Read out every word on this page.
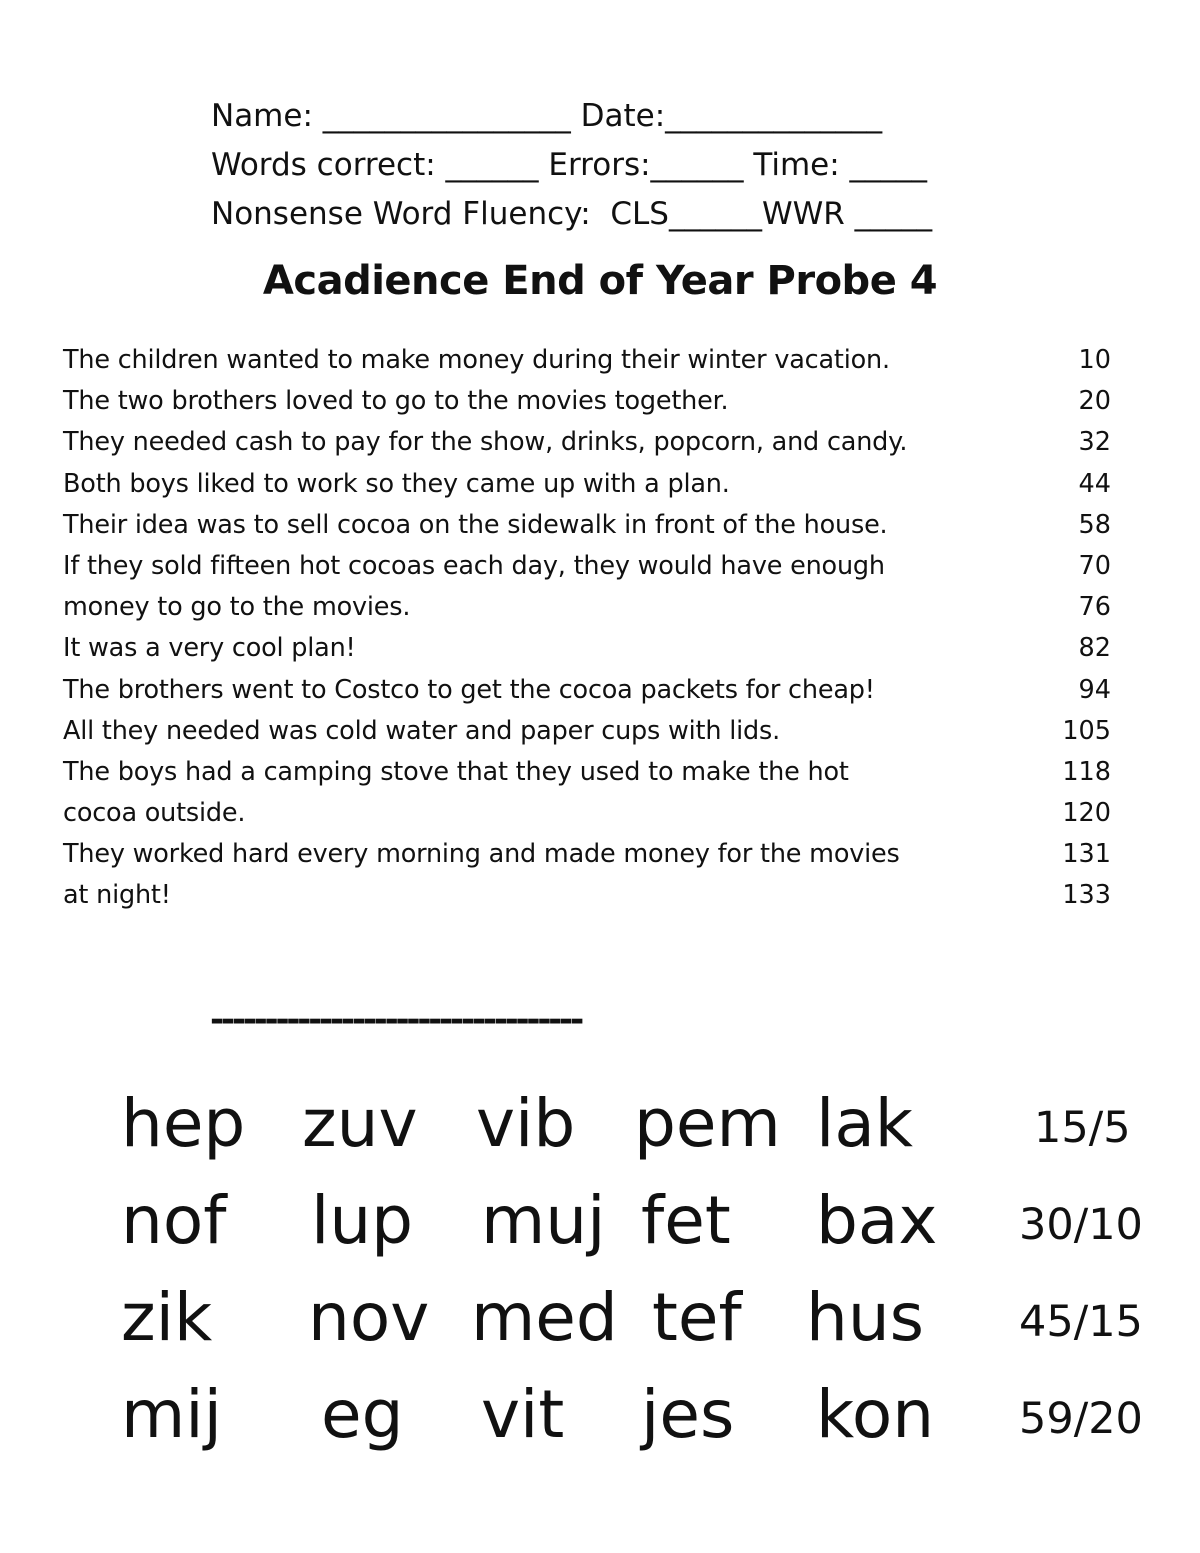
Name: ________________ Date:______________
Words correct: ______ Errors:______ Time: _____
Nonsense Word Fluency:  CLS______WWR _____
Acadience End of Year Probe 4
The children wanted to make money during their winter vacation.	10
The two brothers loved to go to the movies together.	20
They needed cash to pay for the show, drinks, popcorn, and candy.	32
Both boys liked to work so they came up with a plan.	44
Their idea was to sell cocoa on the sidewalk in front of the house.	58
If they sold fifteen hot cocoas each day, they would have enough	70
money to go to the movies.	76
It was a very cool plan!	82
The brothers went to Costco to get the cocoa packets for cheap!	94
All they needed was cold water and paper cups with lids.	105
The boys had a camping stove that they used to make the hot	118
cocoa outside.	120
They worked hard every morning and made money for the movies	131
at night!	133
----------------------------------
hep zuv vib pem lak	15/5
nof lup muj fet bax 30/10
zik nov med tef hus 45/15
mij eg vit jes kon 59/20
